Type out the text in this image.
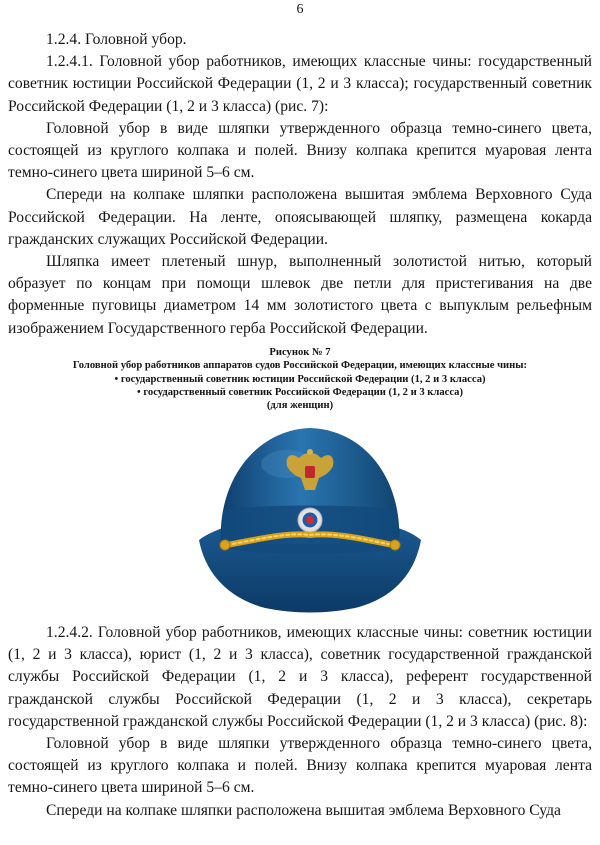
6

1.2.4. Головной убор.

1.2.4.1. Головной убор работников, имеющих классные чины: государственный советник юстиции Российской Федерации (1, 2 и 3 класса); государственный советник Российской Федерации (1, 2 и 3 класса) (рис. 7):

Головной убор в виде шляпки утвержденного образца темно-синего цвета, состоящей из круглого колпака и полей. Внизу колпака крепится муаровая лента темно-синего цвета шириной 5–6 см.

Спереди на колпаке шляпки расположена вышитая эмблема Верховного Суда Российской Федерации. На ленте, опоясывающей шляпку, размещена кокарда гражданских служащих Российской Федерации.

Шляпка имеет плетеный шнур, выполненный золотистой нитью, который образует по концам при помощи шлевок две петли для пристегивания на две форменные пуговицы диаметром 14 мм золотистого цвета с выпуклым рельефным изображением Государственного герба Российской Федерации.

Рисунок № 7
Головной убор работников аппаратов судов Российской Федерации, имеющих классные чины:
• государственный советник юстиции Российской Федерации (1, 2 и 3 класса)
• государственный советник Российской Федерации (1, 2 и 3 класса)
(для женщин)

1.2.4.2. Головной убор работников, имеющих классные чины: советник юстиции (1, 2 и 3 класса), юрист (1, 2 и 3 класса), советник государственной гражданской службы Российской Федерации (1, 2 и 3 класса), референт государственной гражданской службы Российской Федерации (1, 2 и 3 класса), секретарь государственной гражданской службы Российской Федерации (1, 2 и 3 класса) (рис. 8):

Головной убор в виде шляпки утвержденного образца темно-синего цвета, состоящей из круглого колпака и полей. Внизу колпака крепится муаровая лента темно-синего цвета шириной 5–6 см.

Спереди на колпаке шляпки расположена вышитая эмблема Верховного Суда
